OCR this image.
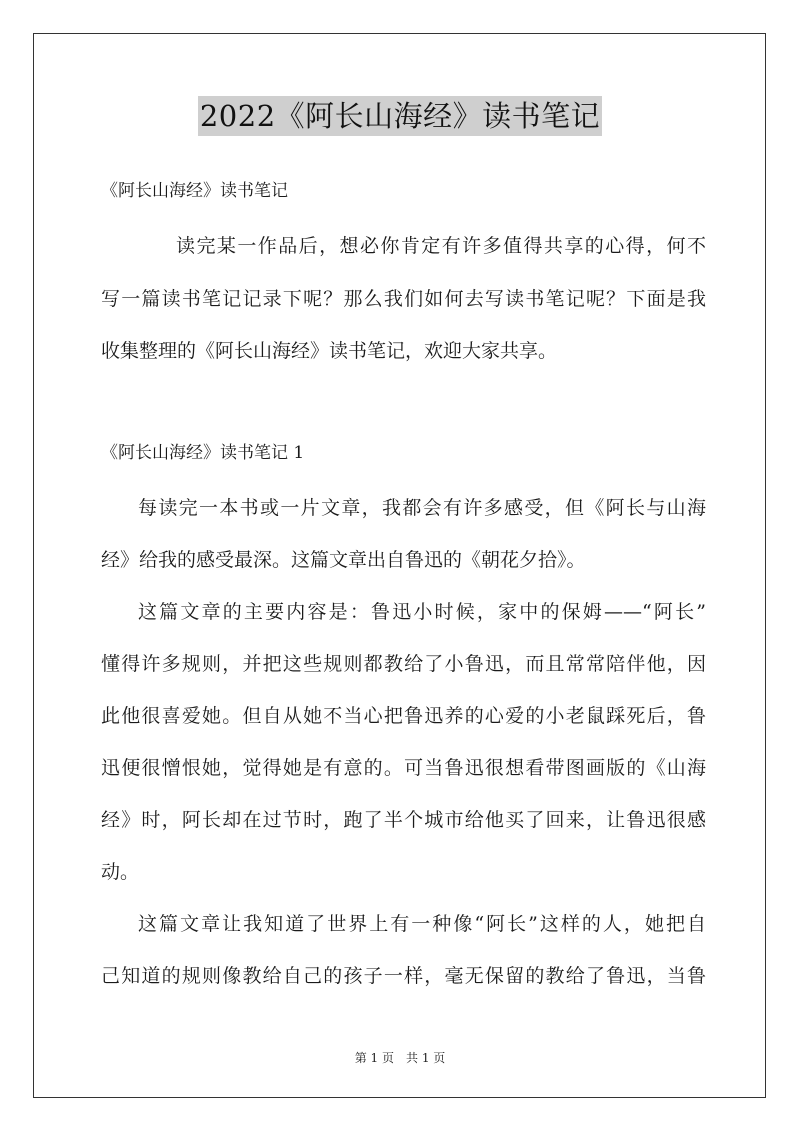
2022《阿长山海经》读书笔记
《阿长山海经》读书笔记
读完某一作品后，想必你肯定有许多值得共享的心得，何不
写一篇读书笔记记录下呢？那么我们如何去写读书笔记呢？下面是我
收集整理的《阿长山海经》读书笔记，欢迎大家共享。
《阿长山海经》读书笔记 1
每读完一本书或一片文章，我都会有许多感受，但《阿长与山海
经》给我的感受最深。这篇文章出自鲁迅的《朝花夕拾》。
这篇文章的主要内容是：鲁迅小时候，家中的保姆——“阿长”
懂得许多规则，并把这些规则都教给了小鲁迅，而且常常陪伴他，因
此他很喜爱她。但自从她不当心把鲁迅养的心爱的小老鼠踩死后，鲁
迅便很憎恨她，觉得她是有意的。可当鲁迅很想看带图画版的《山海
经》时，阿长却在过节时，跑了半个城市给他买了回来，让鲁迅很感
动。
这篇文章让我知道了世界上有一种像“阿长”这样的人，她把自
己知道的规则像教给自己的孩子一样，毫无保留的教给了鲁迅，当鲁
第 1 页　共 1 页
